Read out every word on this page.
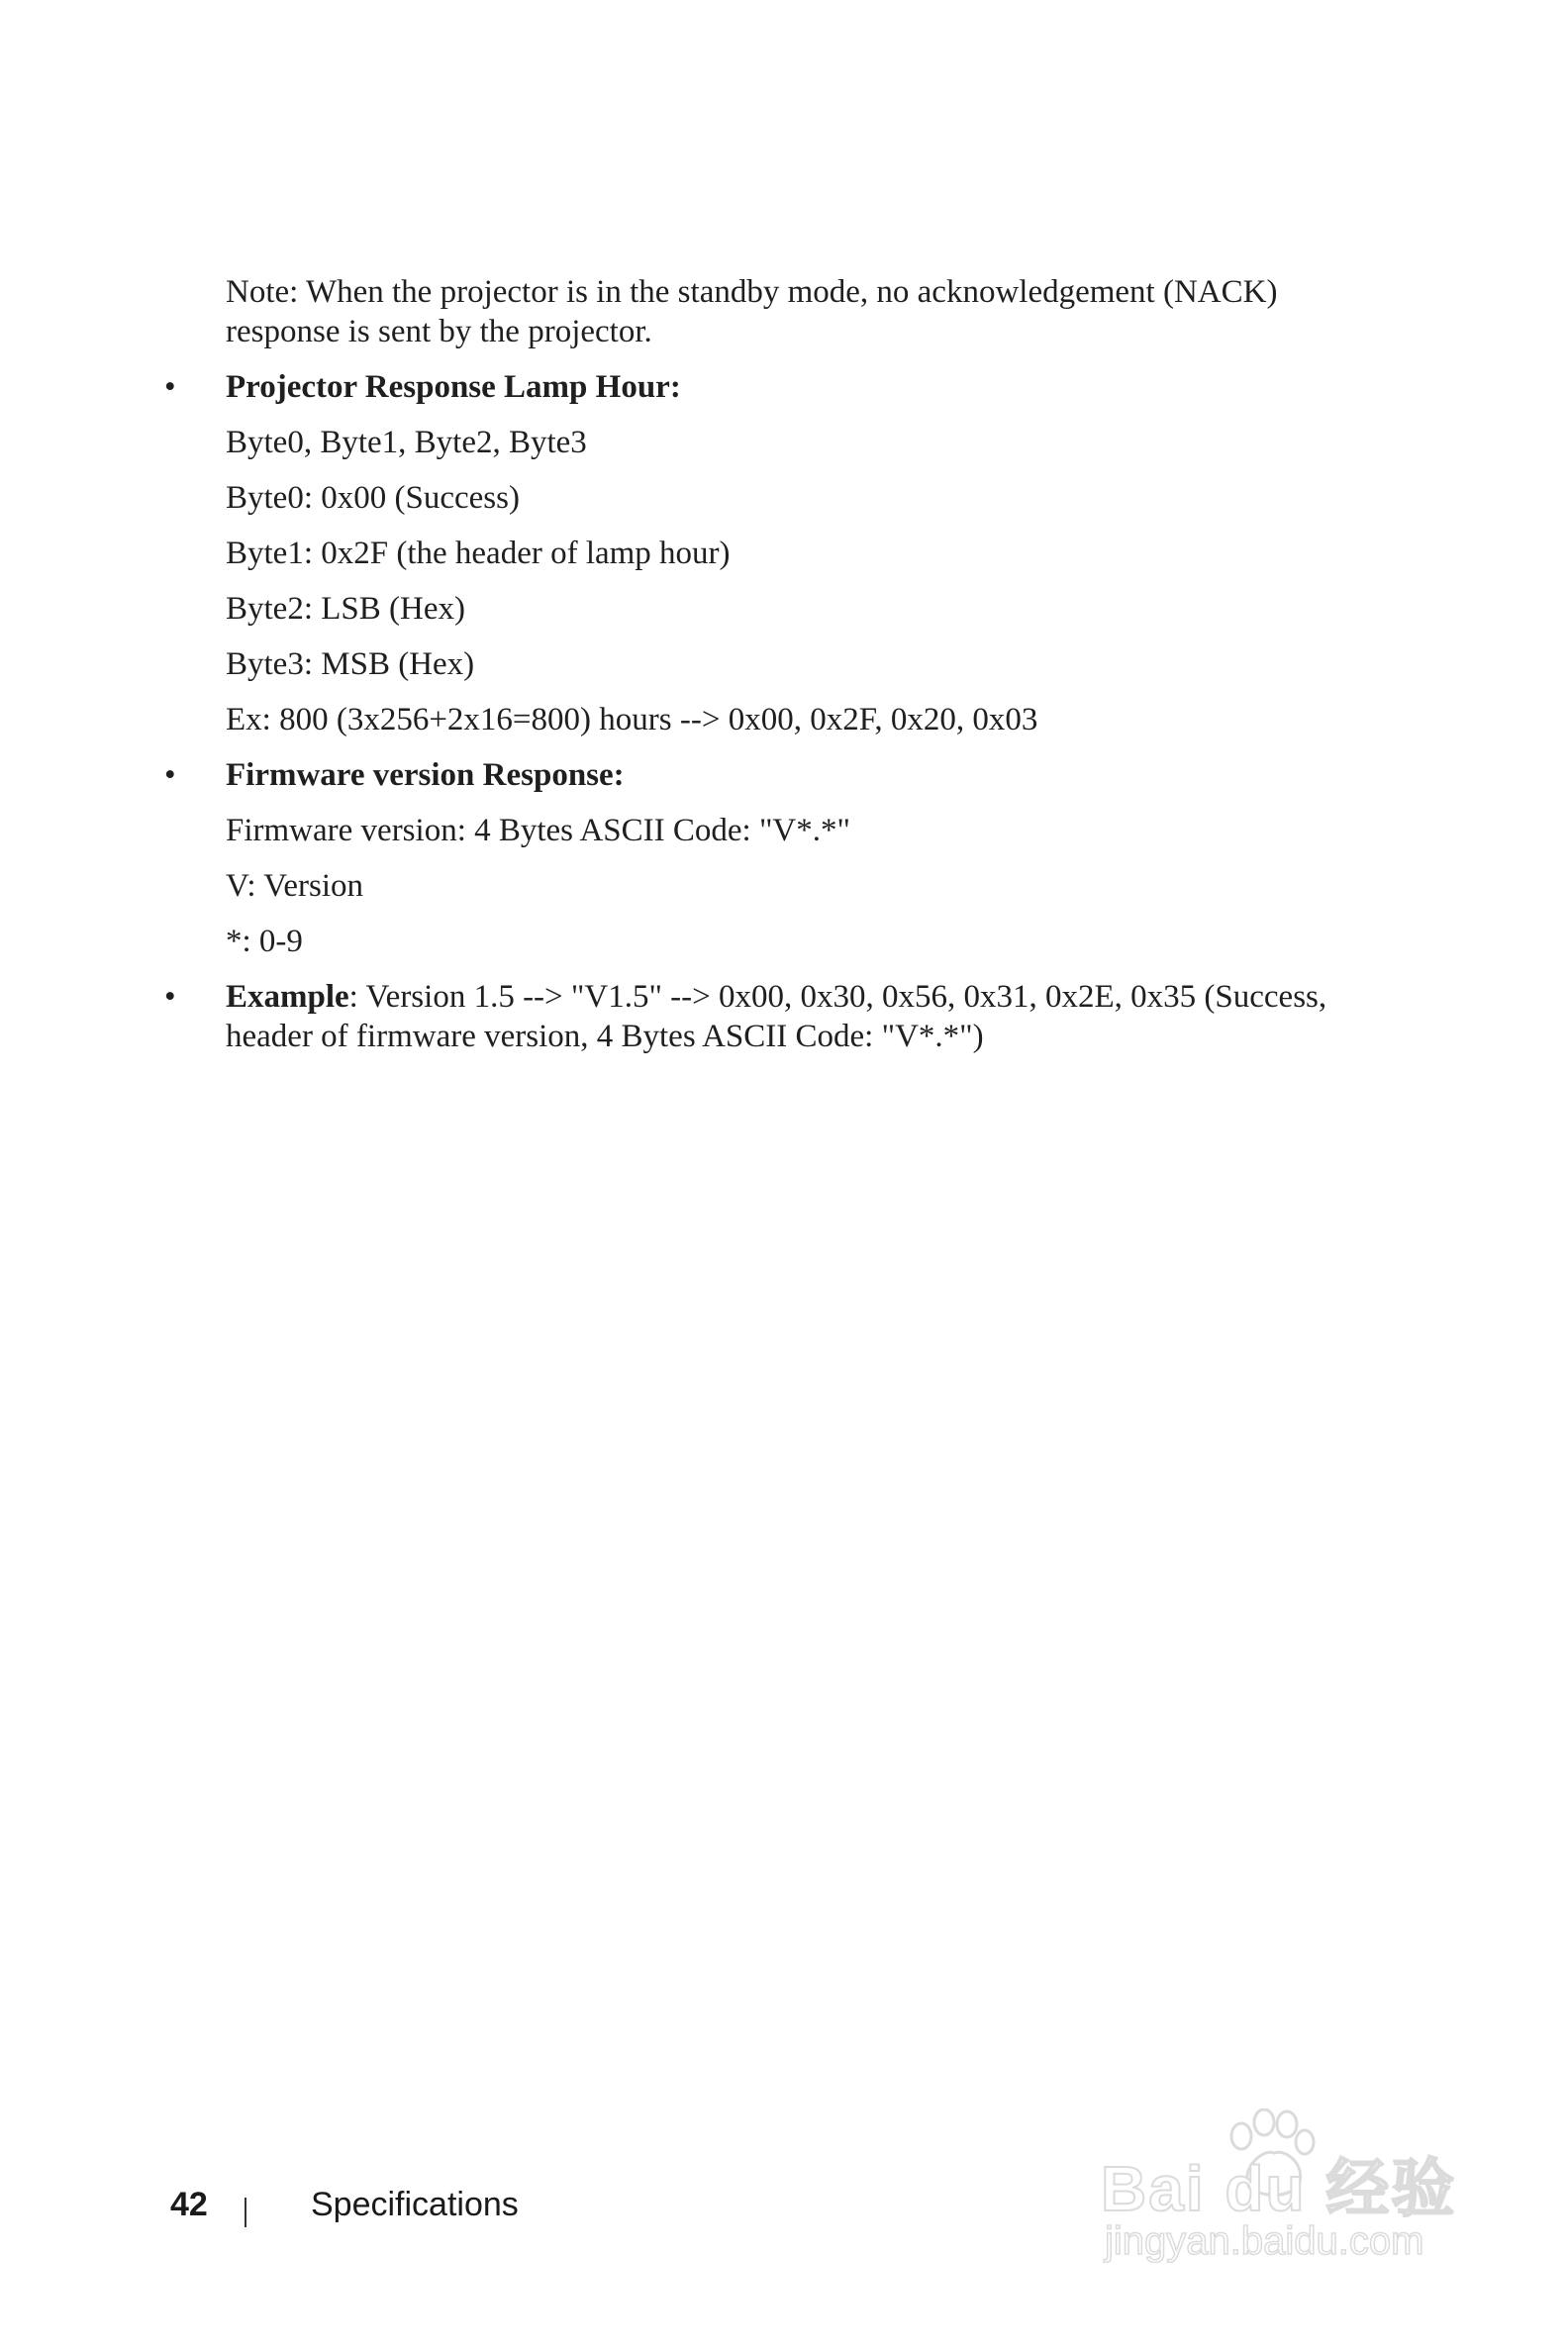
Note: When the projector is in the standby mode, no acknowledgement (NACK) response is sent by the projector.

• Projector Response Lamp Hour:

Byte0, Byte1, Byte2, Byte3

Byte0: 0x00 (Success)

Byte1: 0x2F (the header of lamp hour)

Byte2: LSB (Hex)

Byte3: MSB (Hex)

Ex: 800 (3x256+2x16=800) hours --> 0x00, 0x2F, 0x20, 0x03

• Firmware version Response:

Firmware version: 4 Bytes ASCII Code: "V*.*"

V: Version

*: 0-9

• Example: Version 1.5 --> "V1.5" --> 0x00, 0x30, 0x56, 0x31, 0x2E, 0x35 (Success, header of firmware version, 4 Bytes ASCII Code: "V*.*")

42	Specifications	Bai du 经验
jingyan.baidu.com
